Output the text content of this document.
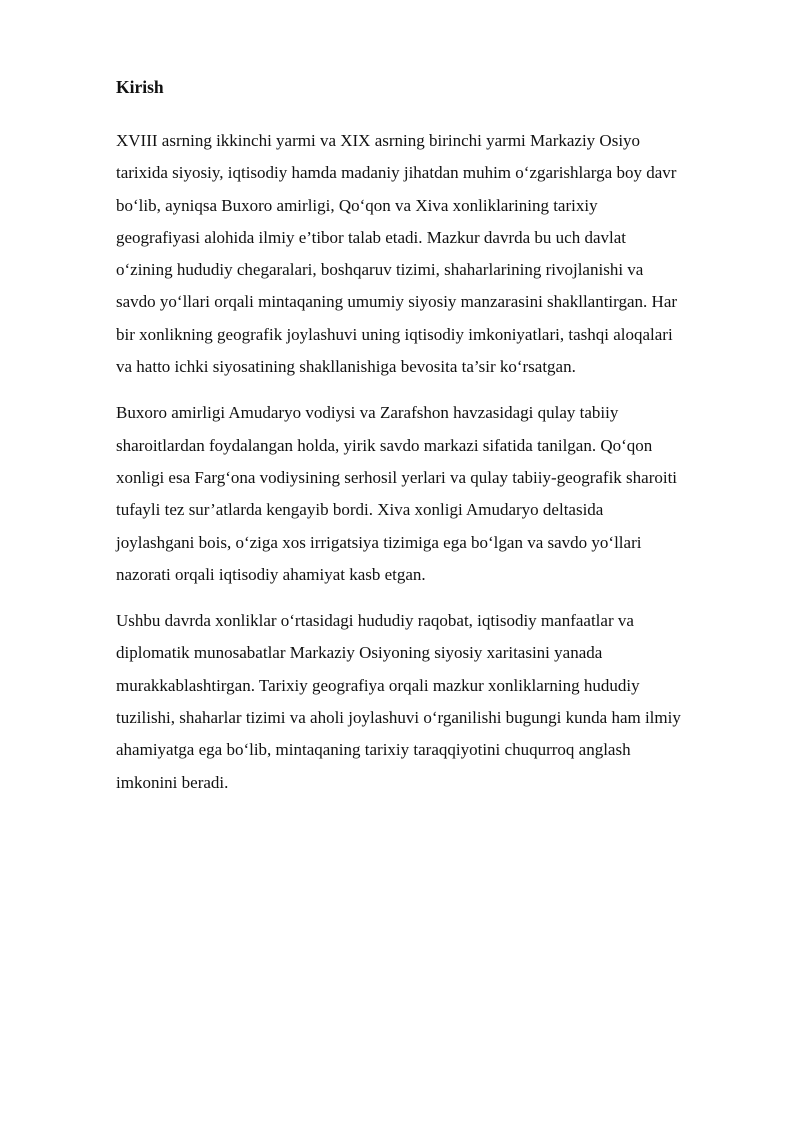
Kirish

XVIII asrning ikkinchi yarmi va XIX asrning birinchi yarmi Markaziy Osiyo
tarixida siyosiy, iqtisodiy hamda madaniy jihatdan muhim o‘zgarishlarga boy davr
bo‘lib, ayniqsa Buxoro amirligi, Qo‘qon va Xiva xonliklarining tarixiy
geografiyasi alohida ilmiy e’tibor talab etadi. Mazkur davrda bu uch davlat
o‘zining hududiy chegaralari, boshqaruv tizimi, shaharlarining rivojlanishi va
savdo yo‘llari orqali mintaqaning umumiy siyosiy manzarasini shakllantirgan. Har
bir xonlikning geografik joylashuvi uning iqtisodiy imkoniyatlari, tashqi aloqalari
va hatto ichki siyosatining shakllanishiga bevosita ta’sir ko‘rsatgan.

Buxoro amirligi Amudaryo vodiysi va Zarafshon havzasidagi qulay tabiiy
sharoitlardan foydalangan holda, yirik savdo markazi sifatida tanilgan. Qo‘qon
xonligi esa Farg‘ona vodiysining serhosil yerlari va qulay tabiiy-geografik sharoiti
tufayli tez sur’atlarda kengayib bordi. Xiva xonligi Amudaryo deltasida
joylashgani bois, o‘ziga xos irrigatsiya tizimiga ega bo‘lgan va savdo yo‘llari
nazorati orqali iqtisodiy ahamiyat kasb etgan.

Ushbu davrda xonliklar o‘rtasidagi hududiy raqobat, iqtisodiy manfaatlar va
diplomatik munosabatlar Markaziy Osiyoning siyosiy xaritasini yanada
murakkablashtirgan. Tarixiy geografiya orqali mazkur xonliklarning hududiy
tuzilishi, shaharlar tizimi va aholi joylashuvi o‘rganilishi bugungi kunda ham ilmiy
ahamiyatga ega bo‘lib, mintaqaning tarixiy taraqqiyotini chuqurroq anglash
imkonini beradi.
